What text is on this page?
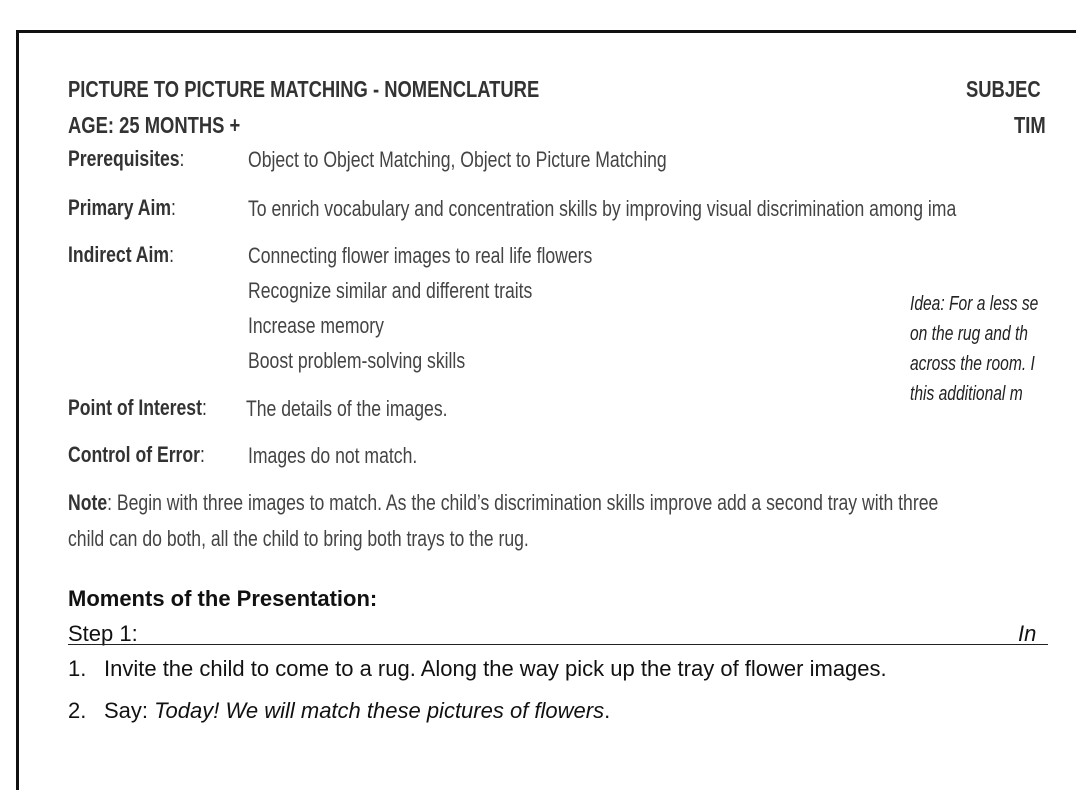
PICTURE TO PICTURE MATCHING - NOMENCLATURE
AGE: 25 MONTHS +
SUBJEC
TIM
Prerequisites:	Object to Object Matching, Object to Picture Matching
Primary Aim:	To enrich vocabulary and concentration skills by improving visual discrimination among ima
Indirect Aim:	Connecting flower images to real life flowers
Recognize similar and different traits
Increase memory
Boost problem-solving skills
Idea: For a less se
on the rug and th
across the room. I
this additional m
Point of Interest:	The details of the images.
Control of Error:	Images do not match.
Note: Begin with three images to match. As the child’s discrimination skills improve add a second tray with three
child can do both, all the child to bring both trays to the rug.
Moments of the Presentation:
Step 1:	In
1. Invite the child to come to a rug. Along the way pick up the tray of flower images.
2. Say: Today! We will match these pictures of flowers.
